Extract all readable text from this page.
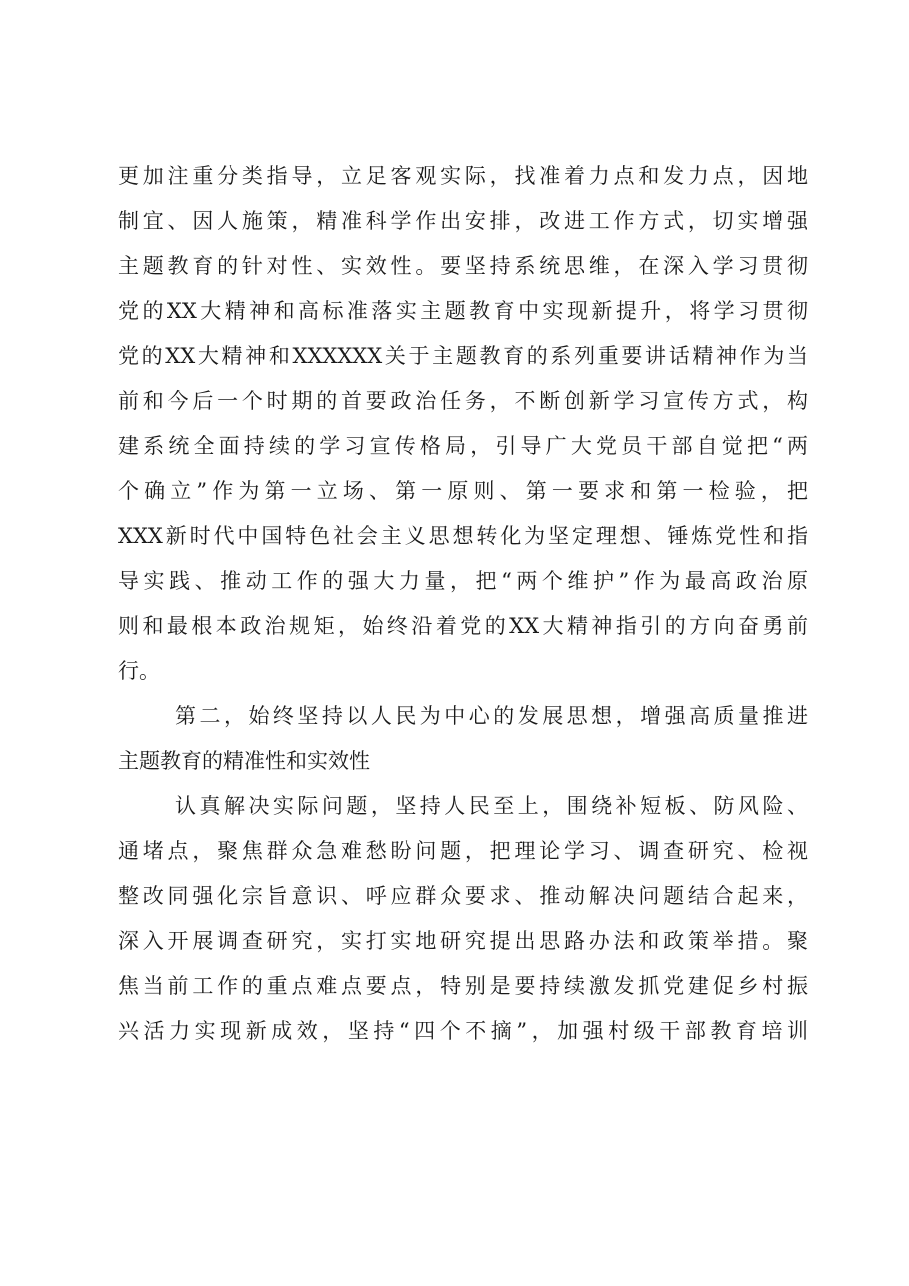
更加注重分类指导，立足客观实际，找准着力点和发力点，因地
制宜、因人施策，精准科学作出安排，改进工作方式，切实增强
主题教育的针对性、实效性。要坚持系统思维，在深入学习贯彻
党的XX大精神和高标准落实主题教育中实现新提升，将学习贯彻
党的XX大精神和XXXXXX关于主题教育的系列重要讲话精神作为当
前和今后一个时期的首要政治任务，不断创新学习宣传方式，构
建系统全面持续的学习宣传格局，引导广大党员干部自觉把“两
个确立”作为第一立场、第一原则、第一要求和第一检验，把
XXX新时代中国特色社会主义思想转化为坚定理想、锤炼党性和指
导实践、推动工作的强大力量，把“两个维护”作为最高政治原
则和最根本政治规矩，始终沿着党的XX大精神指引的方向奋勇前
行。
第二，始终坚持以人民为中心的发展思想，增强高质量推进
主题教育的精准性和实效性
认真解决实际问题，坚持人民至上，围绕补短板、防风险、
通堵点，聚焦群众急难愁盼问题，把理论学习、调查研究、检视
整改同强化宗旨意识、呼应群众要求、推动解决问题结合起来，
深入开展调查研究，实打实地研究提出思路办法和政策举措。聚
焦当前工作的重点难点要点，特别是要持续激发抓党建促乡村振
兴活力实现新成效，坚持“四个不摘”，加强村级干部教育培训
